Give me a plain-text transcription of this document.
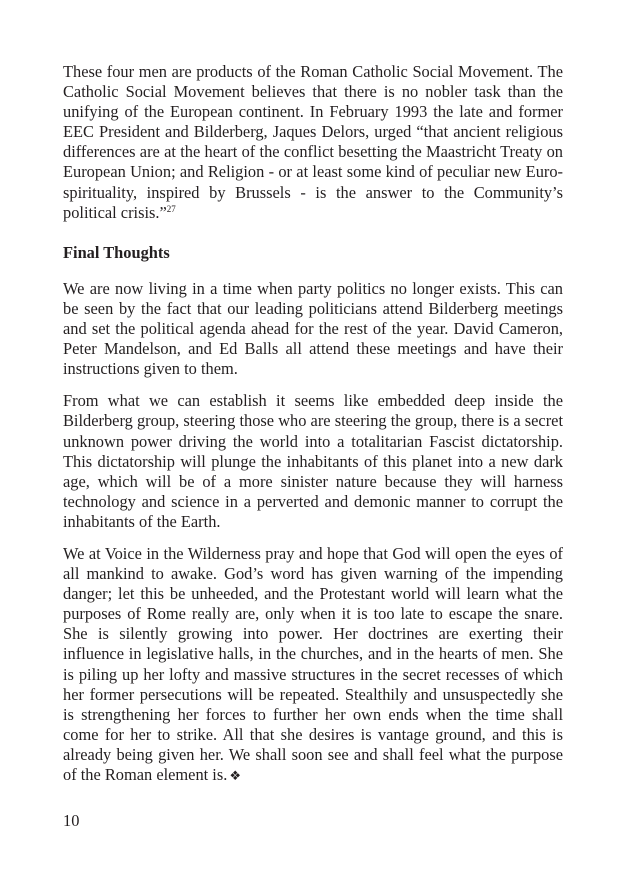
These four men are products of the Roman Catholic Social Movement. The Catholic Social Movement believes that there is no nobler task than the unifying of the European continent. In February 1993 the late and former EEC President and Bilderberg, Jaques Delors, urged “that ancient religious differences are at the heart of the conflict besetting the Maastricht Treaty on European Union; and Religion - or at least some kind of peculiar new Euro-spirituality, inspired by Brussels - is the answer to the Community’s political crisis.”$^{27}$

Final Thoughts

We are now living in a time when party politics no longer exists. This can be seen by the fact that our leading politicians attend Bilderberg meetings and set the political agenda ahead for the rest of the year. David Cameron, Peter Mandelson, and Ed Balls all attend these meetings and have their instructions given to them.

From what we can establish it seems like embedded deep inside the Bilderberg group, steering those who are steering the group, there is a secret unknown power driving the world into a totalitarian Fascist dictatorship. This dictatorship will plunge the inhabitants of this planet into a new dark age, which will be of a more sinister nature because they will harness technology and science in a perverted and demonic manner to corrupt the inhabitants of the Earth.

We at Voice in the Wilderness pray and hope that God will open the eyes of all mankind to awake. God’s word has given warning of the impending danger; let this be unheeded, and the Protestant world will learn what the purposes of Rome really are, only when it is too late to escape the snare. She is silently growing into power. Her doctrines are exerting their influence in legislative halls, in the churches, and in the hearts of men. She is piling up her lofty and massive structures in the secret recesses of which her former persecutions will be repeated. Stealthily and unsuspectedly she is strengthening her forces to further her own ends when the time shall come for her to strike. All that she desires is vantage ground, and this is already being given her. We shall soon see and shall feel what the purpose of the Roman element is. ❖

10
